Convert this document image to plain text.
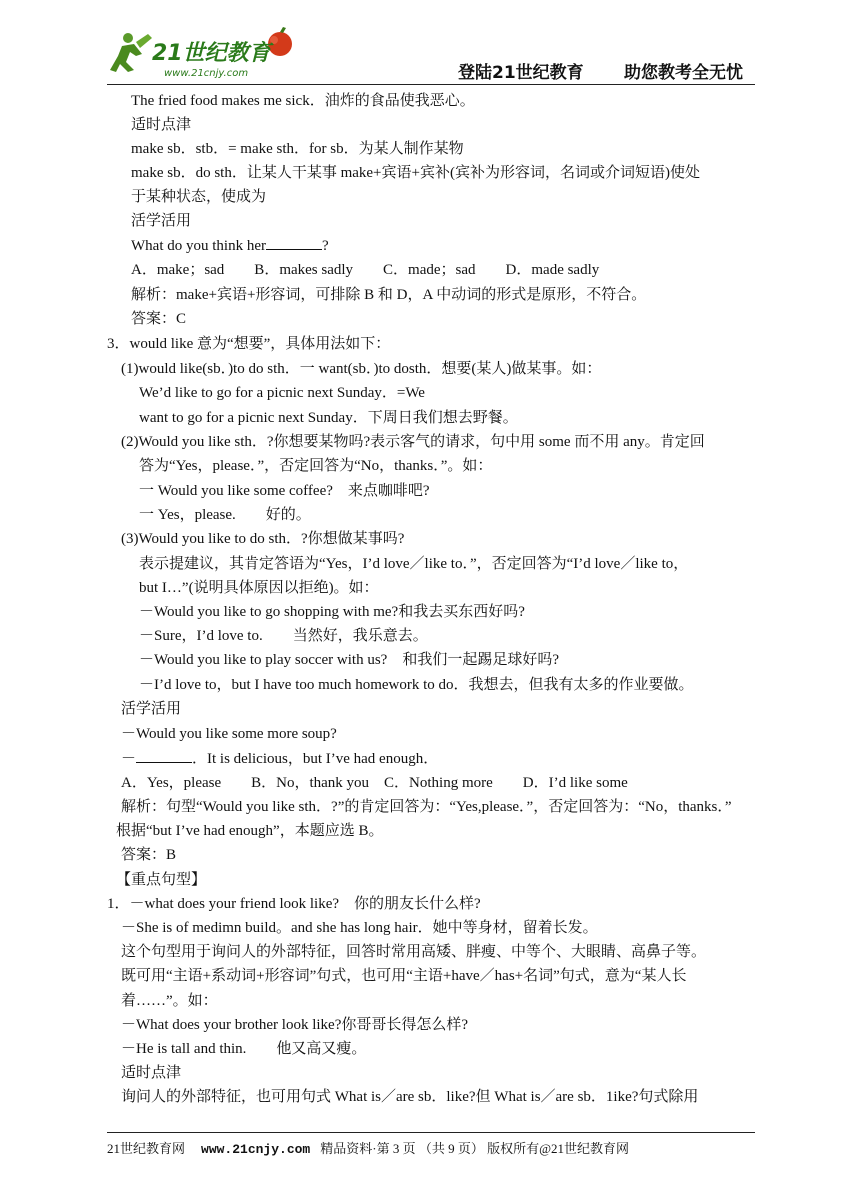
21世纪教育
www.21cnjy.com	登陆21世纪教育 助您教考全无忧
The fried food makes me sick．油炸的食品使我恶心。
适时点津
make sb．stb．= make sth．for sb．为某人制作某物
make sb．do sth．让某人干某事 make+宾语+宾补(宾补为形容词，名词或介词短语)使处
于某种状态，使成为
活学活用
What do you think her	?
A．make；sad　　B．makes sadly　　C．made；sad　　D．made sadly
解析：make+宾语+形容词，可排除 B 和 D，A 中动词的形式是原形，不符合。
答案：C
3．would like 意为“想要”，具体用法如下：
(1)would like(sb．)to do sth．一 want(sb．)to dosth．想要(某人)做某事。如：
We’d like to go for a picnic next Sunday．=We
want to go for a picnic next Sunday．下周日我们想去野餐。
(2)Would you like sth．?你想要某物吗?表示客气的请求，句中用 some 而不用 any。肯定回
答为“Yes，please．”，否定回答为“No，thanks．”。如：
一 Would you like some coffee?　来点咖啡吧?
一 Yes，please.　　好的。
(3)Would you like to do sth．?你想做某事吗?
表示提建议，其肯定答语为“Yes，I’d love／like to．”，否定回答为“I’d love／like to，
but I…”(说明具体原因以拒绝)。如：
－Would you like to go shopping with me?和我去买东西好吗?
－Sure，I’d love to.　　当然好，我乐意去。
－Would you like to play soccer with us?　和我们一起踢足球好吗?
－I’d love to，but I have too much homework to do．我想去，但我有太多的作业要做。
活学活用
－Would you like some more soup?
－	．It is delicious，but I’ve had enough．
A．Yes，please　　B．No，thank you　C．Nothing more　　D．I’d like some
解析：句型“Would you like sth．?”的肯定回答为：“Yes,please．”，否定回答为：“No，thanks．”
根据“but I’ve had enough”，本题应选 B。
答案：B
【重点句型】
1．－what does your friend look like?　你的朋友长什么样?
－She is of medimn build。and she has long hair．她中等身材，留着长发。
这个句型用于询问人的外部特征，回答时常用高矮、胖瘦、中等个、大眼睛、高鼻子等。
既可用“主语+系动词+形容词”句式，也可用“主语+have／has+名词”句式，意为“某人长
着……”。如：
－What does your brother look like?你哥哥长得怎么样?
－He is tall and thin.　　他又高又瘦。
适时点津
询问人的外部特征，也可用句式 What is／are sb．like?但 What is／are sb．1ike?句式除用
21世纪教育网 www.21cnjy.com 精品资料·第 3 页 （共 9 页） 版权所有@21世纪教育网
